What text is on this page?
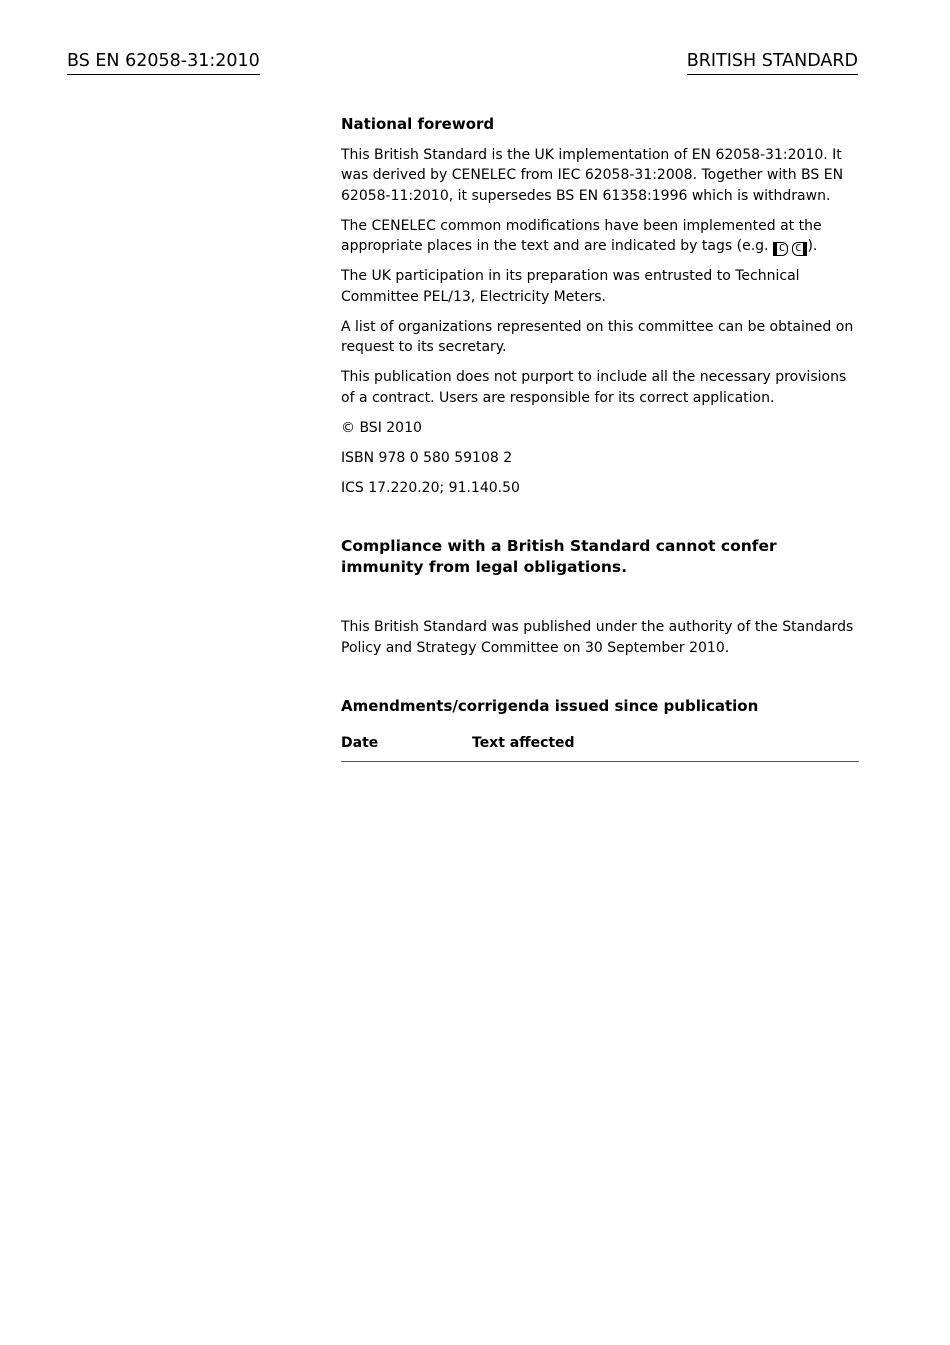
BS EN 62058-31:2010	BRITISH STANDARD

National foreword

This British Standard is the UK implementation of EN 62058-31:2010. It was derived by CENELEC from IEC 62058-31:2008. Together with BS EN 62058-11:2010, it supersedes BS EN 61358:1996 which is withdrawn.

The CENELEC common modifications have been implemented at the appropriate places in the text and are indicated by tags (e.g. C C ).

The UK participation in its preparation was entrusted to Technical Committee PEL/13, Electricity Meters.

A list of organizations represented on this committee can be obtained on request to its secretary.

This publication does not purport to include all the necessary provisions of a contract. Users are responsible for its correct application.

© BSI 2010

ISBN 978 0 580 59108 2

ICS 17.220.20; 91.140.50

Compliance with a British Standard cannot confer immunity from legal obligations.

This British Standard was published under the authority of the Standards Policy and Strategy Committee on 30 September 2010.

Amendments/corrigenda issued since publication

Date	Text affected
